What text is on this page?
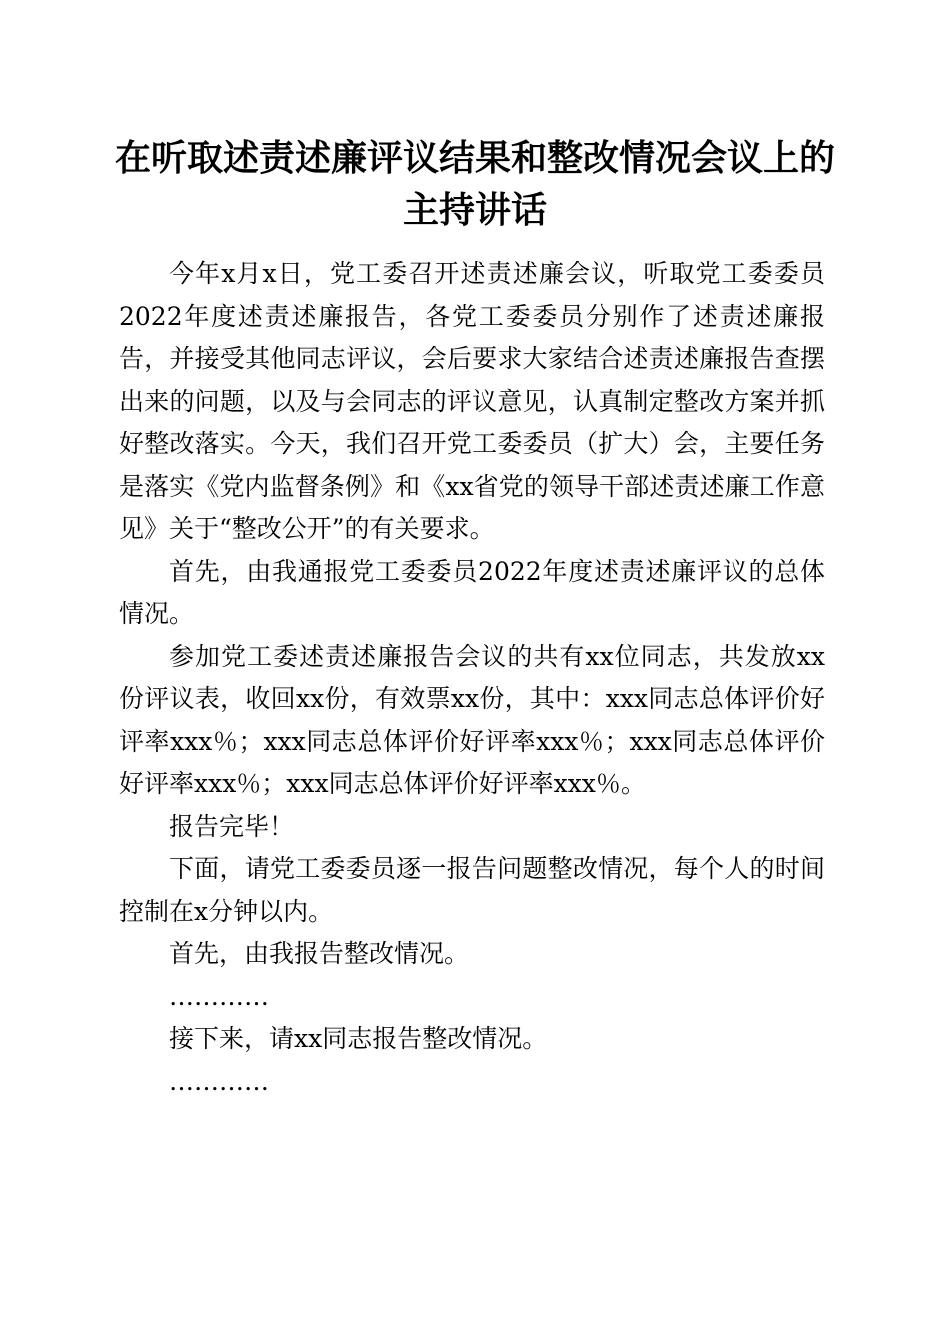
在听取述责述廉评议结果和整改情况会议上的
主持讲话

今年x月x日，党工委召开述责述廉会议，听取党工委委员2022年度述责述廉报告，各党工委委员分别作了述责述廉报告，并接受其他同志评议，会后要求大家结合述责述廉报告查摆出来的问题，以及与会同志的评议意见，认真制定整改方案并抓好整改落实。今天，我们召开党工委委员（扩大）会，主要任务是落实《党内监督条例》和《xx省党的领导干部述责述廉工作意见》关于“整改公开”的有关要求。

首先，由我通报党工委委员2022年度述责述廉评议的总体情况。

参加党工委述责述廉报告会议的共有xx位同志，共发放xx份评议表，收回xx份，有效票xx份，其中：xxx同志总体评价好评率xxx％；xxx同志总体评价好评率xxx％；xxx同志总体评价好评率xxx％；xxx同志总体评价好评率xxx％。

报告完毕！

下面，请党工委委员逐一报告问题整改情况，每个人的时间控制在x分钟以内。

首先，由我报告整改情况。

…………

接下来，请xx同志报告整改情况。

…………
